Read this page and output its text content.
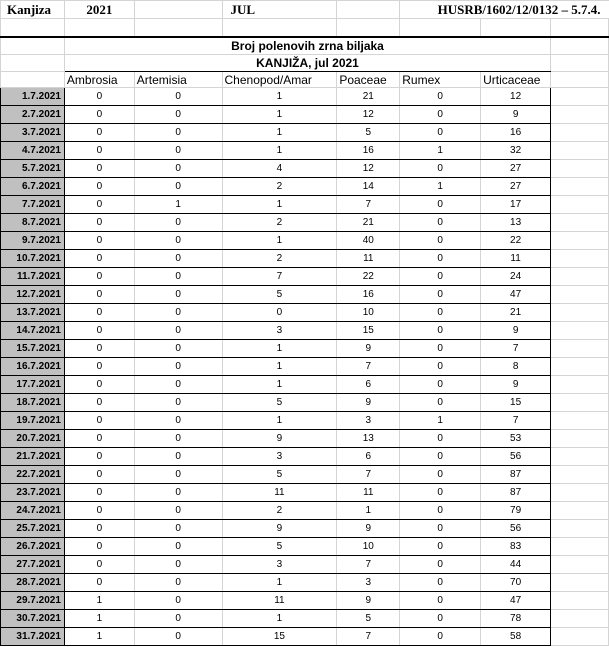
Kanjiza	2021		JUL		HUSRB/1602/12/0132 – 5.7.4.		

	Broj polenovih zrna biljaka						
	KANJIŽA, jul 2021						
	Ambrosia	Artemisia	Chenopod/Amar	Poaceae	Rumex	Urticaceae	
1.7.2021	0	0	1	21	0	12	
2.7.2021	0	0	1	12	0	9	
3.7.2021	0	0	1	5	0	16	
4.7.2021	0	0	1	16	1	32	
5.7.2021	0	0	4	12	0	27	
6.7.2021	0	0	2	14	1	27	
7.7.2021	0	1	1	7	0	17	
8.7.2021	0	0	2	21	0	13	
9.7.2021	0	0	1	40	0	22	
10.7.2021	0	0	2	11	0	11	
11.7.2021	0	0	7	22	0	24	
12.7.2021	0	0	5	16	0	47	
13.7.2021	0	0	0	10	0	21	
14.7.2021	0	0	3	15	0	9	
15.7.2021	0	0	1	9	0	7	
16.7.2021	0	0	1	7	0	8	
17.7.2021	0	0	1	6	0	9	
18.7.2021	0	0	5	9	0	15	
19.7.2021	0	0	1	3	1	7	
20.7.2021	0	0	9	13	0	53	
21.7.2021	0	0	3	6	0	56	
22.7.2021	0	0	5	7	0	87	
23.7.2021	0	0	11	11	0	87	
24.7.2021	0	0	2	1	0	79	
25.7.2021	0	0	9	9	0	56	
26.7.2021	0	0	5	10	0	83	
27.7.2021	0	0	3	7	0	44	
28.7.2021	0	0	1	3	0	70	
29.7.2021	1	0	11	9	0	47	
30.7.2021	1	0	1	5	0	78	
31.7.2021	1	0	15	7	0	58	
